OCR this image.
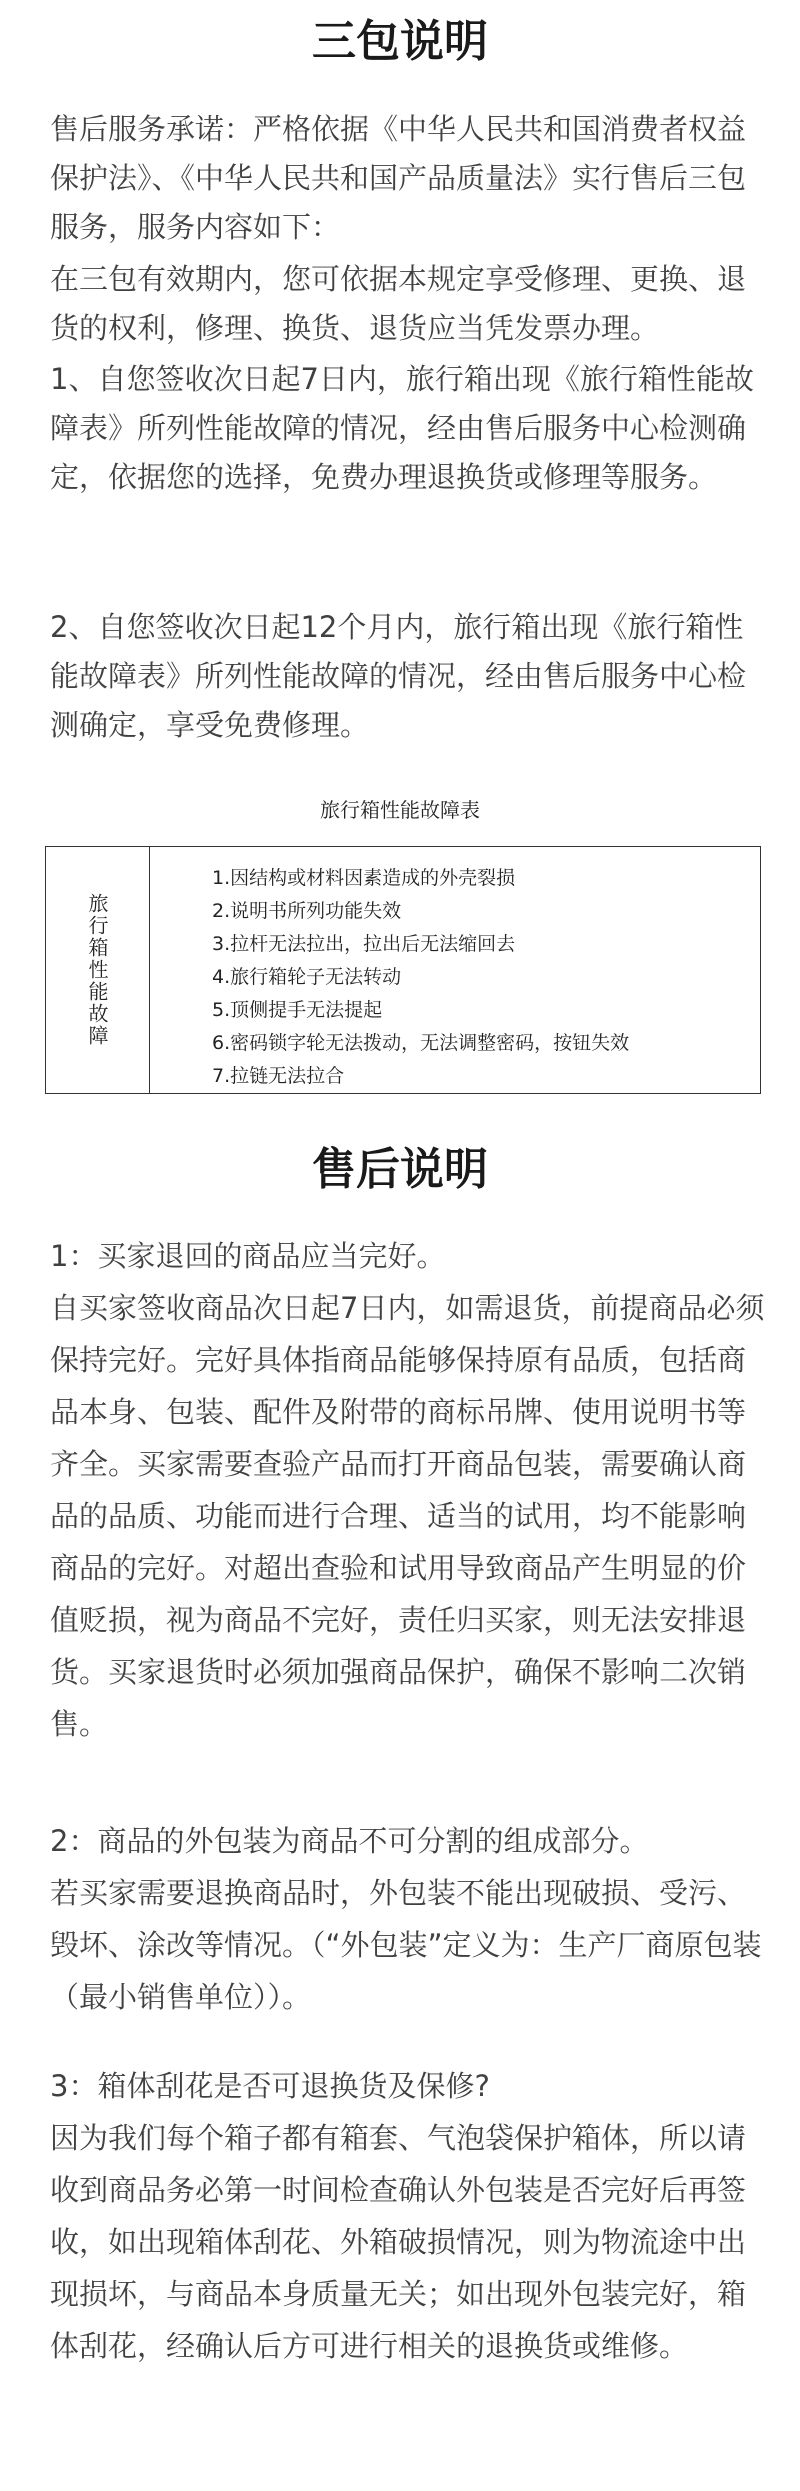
三包说明

售后服务承诺：严格依据《中华人民共和国消费者权益保护法》、《中华人民共和国产品质量法》实行售后三包服务，服务内容如下：

在三包有效期内，您可依据本规定享受修理、更换、退货的权利，修理、换货、退货应当凭发票办理。

1、自您签收次日起7日内，旅行箱出现《旅行箱性能故障表》所列性能故障的情况，经由售后服务中心检测确定，依据您的选择，免费办理退换货或修理等服务。

2、自您签收次日起12个月内，旅行箱出现《旅行箱性能故障表》所列性能故障的情况，经由售后服务中心检测确定，享受免费修理。

旅行箱性能故障表
旅行箱性能故障
1.因结构或材料因素造成的外壳裂损
2.说明书所列功能失效
3.拉杆无法拉出，拉出后无法缩回去
4.旅行箱轮子无法转动
5.顶侧提手无法提起
6.密码锁字轮无法拨动，无法调整密码，按钮失效
7.拉链无法拉合
售后说明

1：买家退回的商品应当完好。

自买家签收商品次日起7日内，如需退货，前提商品必须保持完好。完好具体指商品能够保持原有品质，包括商品本身、包装、配件及附带的商标吊牌、使用说明书等齐全。买家需要查验产品而打开商品包装，需要确认商品的品质、功能而进行合理、适当的试用，均不能影响商品的完好。对超出查验和试用导致商品产生明显的价值贬损，视为商品不完好，责任归买家，则无法安排退货。买家退货时必须加强商品保护，确保不影响二次销售。

2：商品的外包装为商品不可分割的组成部分。

若买家需要退换商品时，外包装不能出现破损、受污、毁坏、涂改等情况。（“外包装”定义为：生产厂商原包装（最小销售单位））。

3：箱体刮花是否可退换货及保修?

因为我们每个箱子都有箱套、气泡袋保护箱体，所以请收到商品务必第一时间检查确认外包装是否完好后再签收，如出现箱体刮花、外箱破损情况，则为物流途中出现损坏，与商品本身质量无关；如出现外包装完好，箱体刮花，经确认后方可进行相关的退换货或维修。
